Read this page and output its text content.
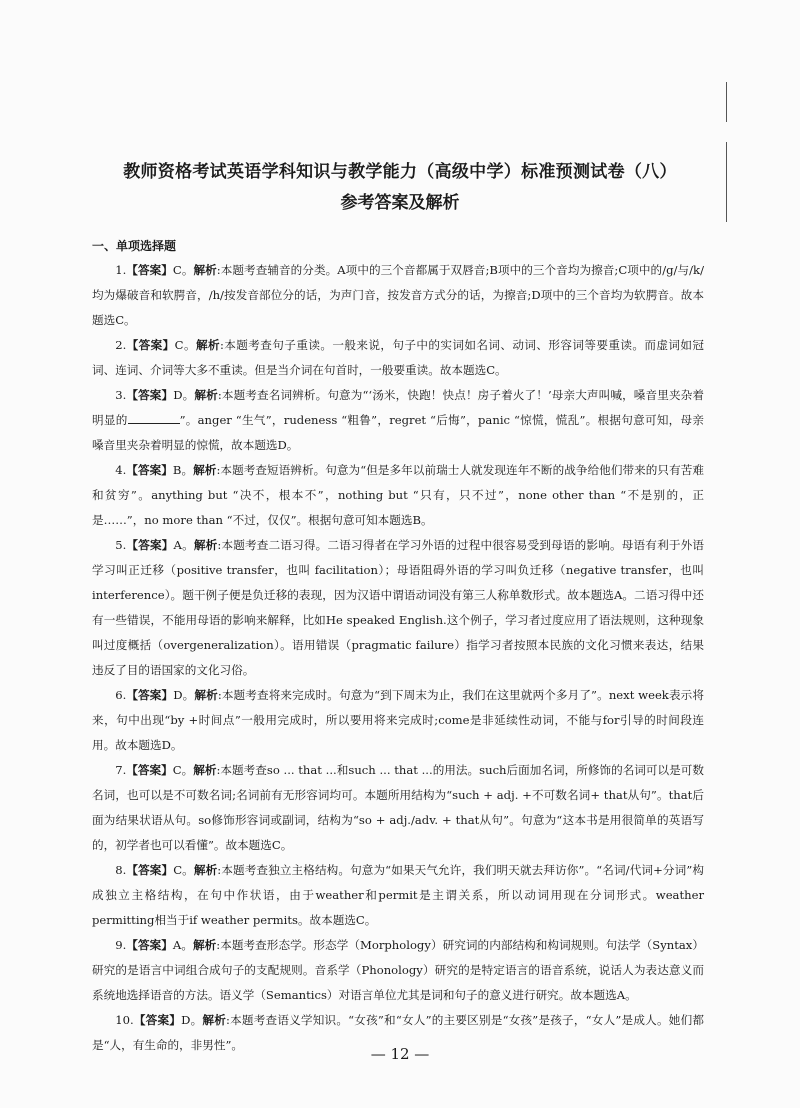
教师资格考试英语学科知识与教学能力（高级中学）标准预测试卷（八）
参考答案及解析
一、单项选择题

1.【答案】C。解析:本题考查辅音的分类。A项中的三个音都属于双唇音;B项中的三个音均为擦音;C项中的/g/与/k/均为爆破音和软腭音，/h/按发音部位分的话，为声门音，按发音方式分的话，为擦音;D项中的三个音均为软腭音。故本题选C。

2.【答案】C。解析:本题考查句子重读。一般来说，句子中的实词如名词、动词、形容词等要重读。而虚词如冠词、连词、介词等大多不重读。但是当介词在句首时，一般要重读。故本题选C。

3.【答案】D。解析:本题考查名词辨析。句意为“‘汤米，快跑！快点！房子着火了！’母亲大声叫喊，嗓音里夹杂着明显的	”。anger “生气”，rudeness “粗鲁”，regret “后悔”，panic “惊慌，慌乱”。根据句意可知，母亲嗓音里夹杂着明显的惊慌，故本题选D。

4.【答案】B。解析:本题考查短语辨析。句意为“但是多年以前瑞士人就发现连年不断的战争给他们带来的只有苦难和贫穷”。anything but “决不，根本不”，nothing but “只有，只不过”，none other than “不是别的，正是……”，no more than “不过，仅仅”。根据句意可知本题选B。

5.【答案】A。解析:本题考查二语习得。二语习得者在学习外语的过程中很容易受到母语的影响。母语有利于外语学习叫正迁移（positive transfer，也叫 facilitation）；母语阻碍外语的学习叫负迁移（negative transfer，也叫 interference）。题干例子便是负迁移的表现，因为汉语中谓语动词没有第三人称单数形式。故本题选A。二语习得中还有一些错误，不能用母语的影响来解释，比如He speaked English.这个例子，学习者过度应用了语法规则，这种现象叫过度概括（overgeneralization）。语用错误（pragmatic failure）指学习者按照本民族的文化习惯来表达，结果违反了目的语国家的文化习俗。

6.【答案】D。解析:本题考查将来完成时。句意为“到下周末为止，我们在这里就两个多月了”。next week表示将来，句中出现“by +时间点”一般用完成时，所以要用将来完成时;come是非延续性动词，不能与for引导的时间段连用。故本题选D。

7.【答案】C。解析:本题考查so ... that ...和such ... that ...的用法。such后面加名词，所修饰的名词可以是可数名词，也可以是不可数名词;名词前有无形容词均可。本题所用结构为“such + adj. +不可数名词+ that从句”。that后面为结果状语从句。so修饰形容词或副词，结构为“so + adj./adv. + that从句”。句意为“这本书是用很简单的英语写的，初学者也可以看懂”。故本题选C。

8.【答案】C。解析:本题考查独立主格结构。句意为“如果天气允许，我们明天就去拜访你”。“名词/代词+分词”构成独立主格结构，在句中作状语，由于weather和permit是主谓关系，所以动词用现在分词形式。weather permitting相当于if weather permits。故本题选C。

9.【答案】A。解析:本题考查形态学。形态学（Morphology）研究词的内部结构和构词规则。句法学（Syntax）研究的是语言中词组合成句子的支配规则。音系学（Phonology）研究的是特定语言的语音系统，说话人为表达意义而系统地选择语音的方法。语义学（Semantics）对语言单位尤其是词和句子的意义进行研究。故本题选A。

10.【答案】D。解析:本题考查语义学知识。“女孩”和“女人”的主要区别是“女孩”是孩子，“女人”是成人。她们都是“人，有生命的，非男性”。	— 12 —
